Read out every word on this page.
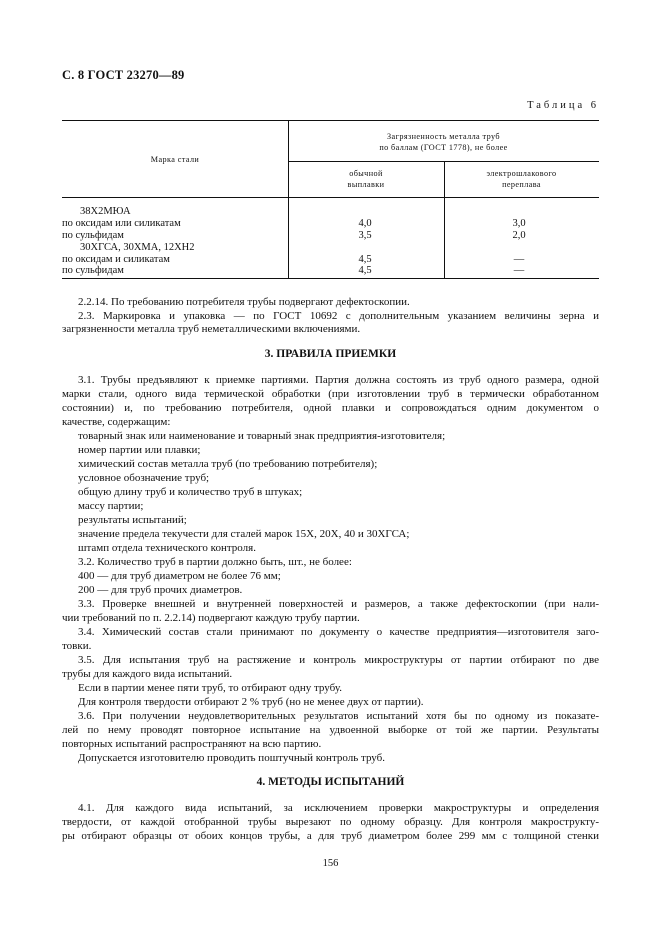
С. 8 ГОСТ 23270—89
Таблица 6
Марка стали
Загрязненность металла труб
по баллам (ГОСТ 1778), не более
обычной
выплавки
электрошлакового
переплава
38Х2МЮА
по оксидам или силикатам	4,0	3,0
по сульфидам	3,5	2,0
30ХГСА, 30ХМА, 12ХН2
по оксидам и силикатам	4,5	—
по сульфидам	4,5	—
2.2.14. По требованию потребителя трубы подвергают дефектоскопии.
2.3. Маркировка и упаковка — по ГОСТ 10692 с дополнительным указанием величины зерна и
загрязненности металла труб неметаллическими включениями.
3. ПРАВИЛА ПРИЕМКИ
3.1. Трубы предъявляют к приемке партиями. Партия должна состоять из труб одного размера, одной
марки стали, одного вида термической обработки (при изготовлении труб в термически обработанном
состоянии) и, по требованию потребителя, одной плавки и сопровождаться одним документом о
качестве, содержащим:
товарный знак или наименование и товарный знак предприятия-изготовителя;
номер партии или плавки;
химический состав металла труб (по требованию потребителя);
условное обозначение труб;
общую длину труб и количество труб в штуках;
массу партии;
результаты испытаний;
значение предела текучести для сталей марок 15Х, 20Х, 40 и 30ХГСА;
штамп отдела технического контроля.
3.2. Количество труб в партии должно быть, шт., не более:
400 — для труб диаметром не более 76 мм;
200 — для труб прочих диаметров.
3.3. Проверке внешней и внутренней поверхностей и размеров, а также дефектоскопии (при нали-
чии требований по п. 2.2.14) подвергают каждую трубу партии.
3.4. Химический состав стали принимают по документу о качестве предприятия—изготовителя заго-
товки.
3.5. Для испытания труб на растяжение и контроль микроструктуры от партии отбирают по две
трубы для каждого вида испытаний.
Если в партии менее пяти труб, то отбирают одну трубу.
Для контроля твердости отбирают 2 % труб (но не менее двух от партии).
3.6. При получении неудовлетворительных результатов испытаний хотя бы по одному из показате-
лей по нему проводят повторное испытание на удвоенной выборке от той же партии. Результаты
повторных испытаний распространяют на всю партию.
Допускается изготовителю проводить поштучный контроль труб.
4. МЕТОДЫ ИСПЫТАНИЙ
4.1. Для каждого вида испытаний, за исключением проверки макроструктуры и определения
твердости, от каждой отобранной трубы вырезают по одному образцу. Для контроля макрострукту-
ры отбирают образцы от обоих концов трубы, а для труб диаметром более 299 мм с толщиной стенки
156
